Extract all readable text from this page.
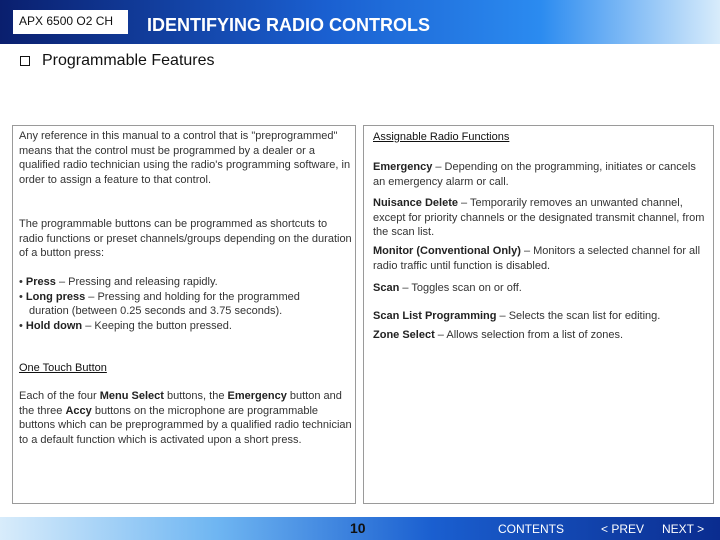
APX 6500 O2 CH	IDENTIFYING RADIO CONTROLS
Programmable Features

Any reference in this manual to a control that is "preprogrammed" means that the control must be programmed by a dealer or a qualified radio technician using the radio's programming software, in order to assign a feature to that control.

The programmable buttons can be programmed as shortcuts to radio functions or preset channels/groups depending on the duration of a button press:

• Press – Pressing and releasing rapidly.
• Long press – Pressing and holding for the programmed duration (between 0.25 seconds and 3.75 seconds).
• Hold down – Keeping the button pressed.

One Touch Button

Each of the four Menu Select buttons, the Emergency button and the three Accy buttons on the microphone are programmable buttons which can be preprogrammed by a qualified radio technician to a default function which is activated upon a short press.

Assignable Radio Functions

Emergency – Depending on the programming, initiates or cancels an emergency alarm or call.

Nuisance Delete – Temporarily removes an unwanted channel, except for priority channels or the designated transmit channel, from the scan list.

Monitor (Conventional Only) – Monitors a selected channel for all radio traffic until function is disabled.

Scan – Toggles scan on or off.

Scan List Programming – Selects the scan list for editing.

Zone Select – Allows selection from a list of zones.

10	CONTENTS	< PREV NEXT >
